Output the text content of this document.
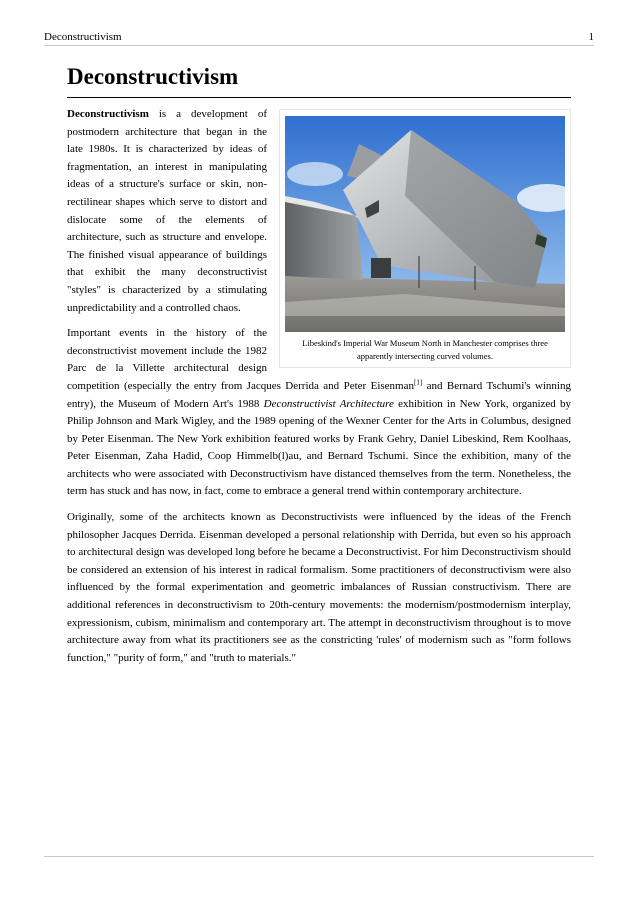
Deconstructivism	1
Deconstructivism
Libeskind's Imperial War Museum North in Manchester comprises three apparently intersecting curved volumes.

Deconstructivism is a development of postmodern architecture that began in the late 1980s. It is characterized by ideas of fragmentation, an interest in manipulating ideas of a structure's surface or skin, non-rectilinear shapes which serve to distort and dislocate some of the elements of architecture, such as structure and envelope. The finished visual appearance of buildings that exhibit the many deconstructivist "styles" is characterized by a stimulating unpredictability and a controlled chaos.

Important events in the history of the deconstructivist movement include the 1982 Parc de la Villette architectural design competition (especially the entry from Jacques Derrida and Peter Eisenman[1] and Bernard Tschumi's winning entry), the Museum of Modern Art's 1988 Deconstructivist Architecture exhibition in New York, organized by Philip Johnson and Mark Wigley, and the 1989 opening of the Wexner Center for the Arts in Columbus, designed by Peter Eisenman. The New York exhibition featured works by Frank Gehry, Daniel Libeskind, Rem Koolhaas, Peter Eisenman, Zaha Hadid, Coop Himmelb(l)au, and Bernard Tschumi. Since the exhibition, many of the architects who were associated with Deconstructivism have distanced themselves from the term. Nonetheless, the term has stuck and has now, in fact, come to embrace a general trend within contemporary architecture.

Originally, some of the architects known as Deconstructivists were influenced by the ideas of the French philosopher Jacques Derrida. Eisenman developed a personal relationship with Derrida, but even so his approach to architectural design was developed long before he became a Deconstructivist. For him Deconstructivism should be considered an extension of his interest in radical formalism. Some practitioners of deconstructivism were also influenced by the formal experimentation and geometric imbalances of Russian constructivism. There are additional references in deconstructivism to 20th-century movements: the modernism/postmodernism interplay, expressionism, cubism, minimalism and contemporary art. The attempt in deconstructivism throughout is to move architecture away from what its practitioners see as the constricting 'rules' of modernism such as "form follows function," "purity of form," and "truth to materials."
